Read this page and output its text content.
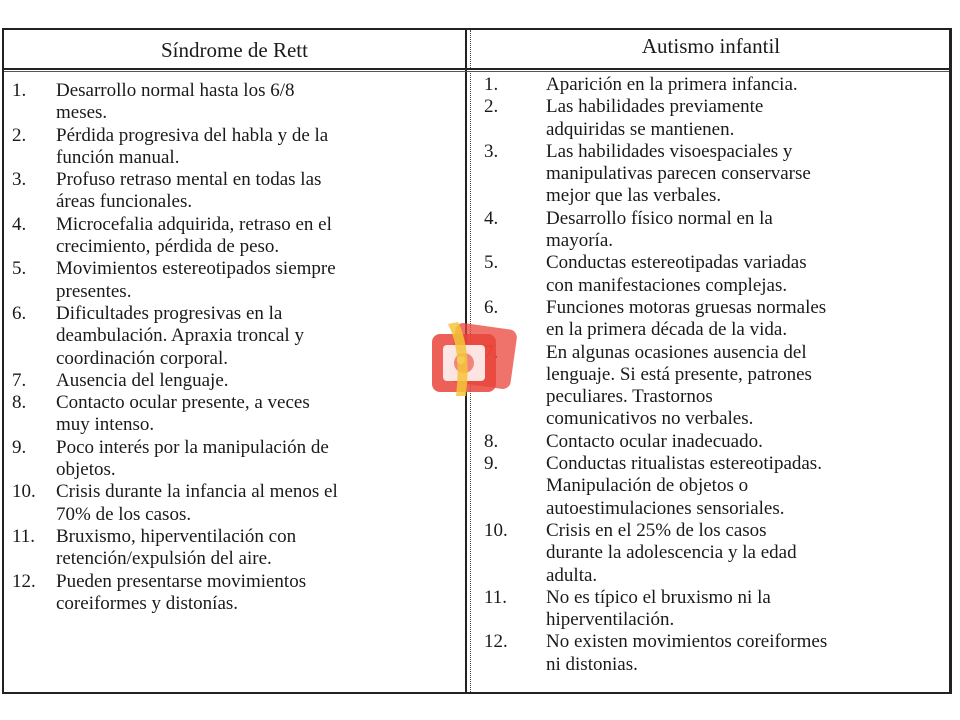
Síndrome de Rett	Autismo infantil
1.	Desarrollo normal hasta los 6/8
meses.
2.	Pérdida progresiva del habla y de la
función manual.
3.	Profuso retraso mental en todas las
áreas funcionales.
4.	Microcefalia adquirida, retraso en el
crecimiento, pérdida de peso.
5.	Movimientos estereotipados siempre
presentes.
6.	Dificultades progresivas en la
deambulación. Apraxia troncal y
coordinación corporal.
7.	Ausencia del lenguaje.
8.	Contacto ocular presente, a veces
muy intenso.
9.	Poco interés por la manipulación de
objetos.
10.	Crisis durante la infancia al menos el
70% de los casos.
11.	Bruxismo, hiperventilación con
retención/expulsión del aire.
12.	Pueden presentarse movimientos
coreiformes y distonías.
1.	Aparición en la primera infancia.
2.	Las habilidades previamente
adquiridas se mantienen.
3.	Las habilidades visoespaciales y
manipulativas parecen conservarse
mejor que las verbales.
4.	Desarrollo físico normal en la
mayoría.
5.	Conductas estereotipadas variadas
con manifestaciones complejas.
6.	Funciones motoras gruesas normales
en la primera década de la vida.
En algunas ocasiones ausencia del
lenguaje. Si está presente, patrones
peculiares. Trastornos
comunicativos no verbales.
8.	Contacto ocular inadecuado.
9.	Conductas ritualistas estereotipadas.
Manipulación de objetos o
autoestimulaciones sensoriales.
10.	Crisis en el 25% de los casos
durante la adolescencia y la edad
adulta.
11.	No es típico el bruxismo ni la
hiperventilación.
12.	No existen movimientos coreiformes
ni distonias.
